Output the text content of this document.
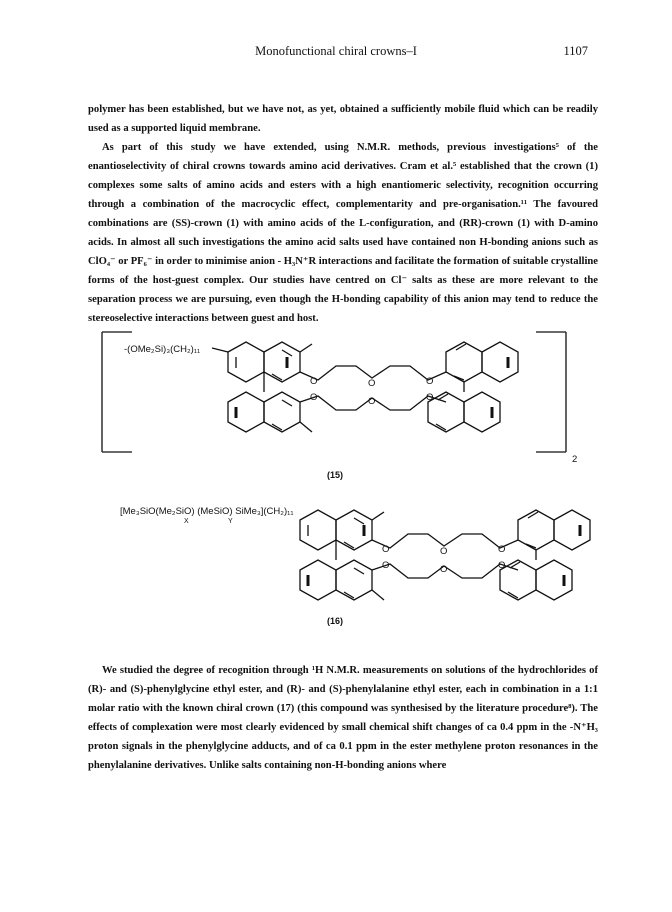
Monofunctional chiral crowns–I	1107

polymer has been established, but we have not, as yet, obtained a sufficiently mobile fluid which can be readily used as a supported liquid membrane.

As part of this study we have extended, using N.M.R. methods, previous investigations⁵ of the enantioselectivity of chiral crowns towards amino acid derivatives. Cram et al.⁵ established that the crown (1) complexes some salts of amino acids and esters with a high enantiomeric selectivity, recognition occurring through a combination of the macrocyclic effect, complementarity and pre-organisation.¹¹ The favoured combinations are (SS)-crown (1) with amino acids of the L-configuration, and (RR)-crown (1) with D-amino acids. In almost all such investigations the amino acid salts used have contained non H-bonding anions such as ClO₄⁻ or PF₆⁻ in order to minimise anion - H₃N⁺R interactions and facilitate the formation of suitable crystalline forms of the host-guest complex. Our studies have centred on Cl⁻ salts as these are more relevant to the separation process we are pursuing, even though the H-bonding capability of this anion may tend to reduce the stereoselective interactions between guest and host.

O	O	O
O	O	O
O	O	O
O	O	O
-(OMe₂Si)₃(CH₂)₁₁
2
(15)
[Me₃SiO(Me₂SiO) (MeSiO) SiMe₃](CH₂)₁₁
X	Y
(16)

We studied the degree of recognition through ¹H N.M.R. measurements on solutions of the hydrochlorides of (R)- and (S)-phenylglycine ethyl ester, and (R)- and (S)-phenylalanine ethyl ester, each in combination in a 1:1 molar ratio with the known chiral crown (17) (this compound was synthesised by the literature procedure⁸). The effects of complexation were most clearly evidenced by small chemical shift changes of ca 0.4 ppm in the -N⁺H₃ proton signals in the phenylglycine adducts, and of ca 0.1 ppm in the ester methylene proton resonances in the phenylalanine derivatives. Unlike salts containing non-H-bonding anions where
